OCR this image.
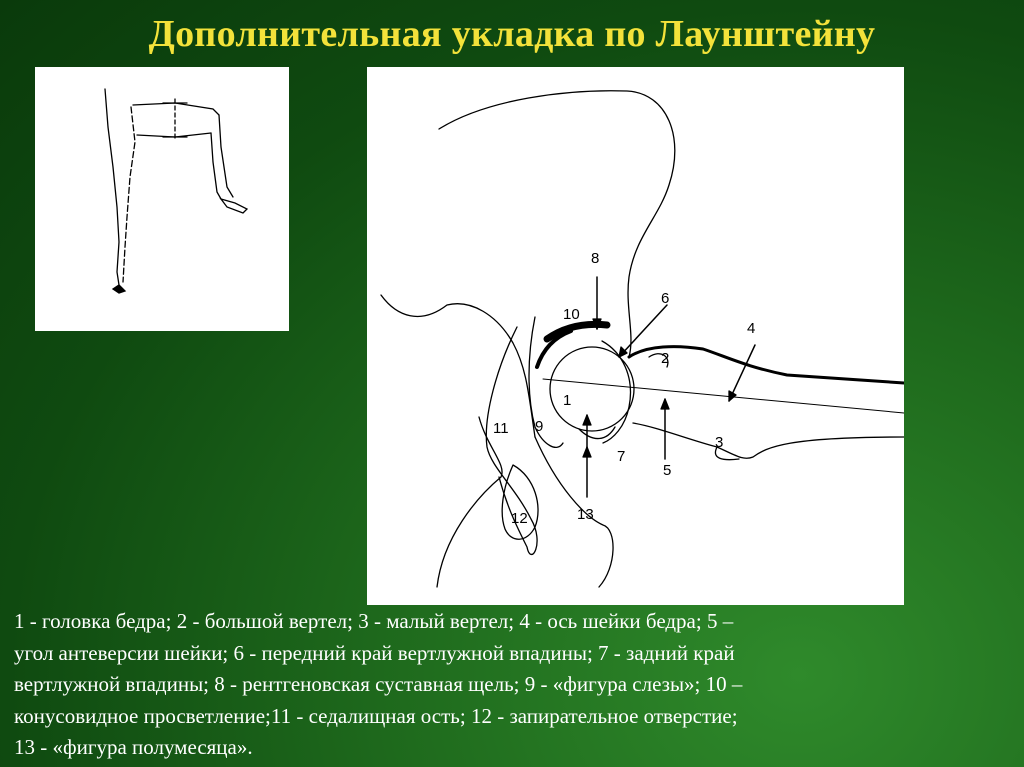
Дополнительная укладка по Лаунштейну
8
6
4
10
2
1
11 9
3
7
5
12	13

1 - головка бедра; 2 - большой вертел; 3 - малый вертел; 4 - ось шейки бедра; 5 –

угол антеверсии шейки; 6 - передний край вертлужной впадины; 7 - задний край

вертлужной впадины; 8 - рентгеновская суставная щель; 9 - «фигура слезы»; 10 –

конусовидное просветление;11 - седалищная ость; 12 - запирательное отверстие;

13 - «фигура полумесяца».
